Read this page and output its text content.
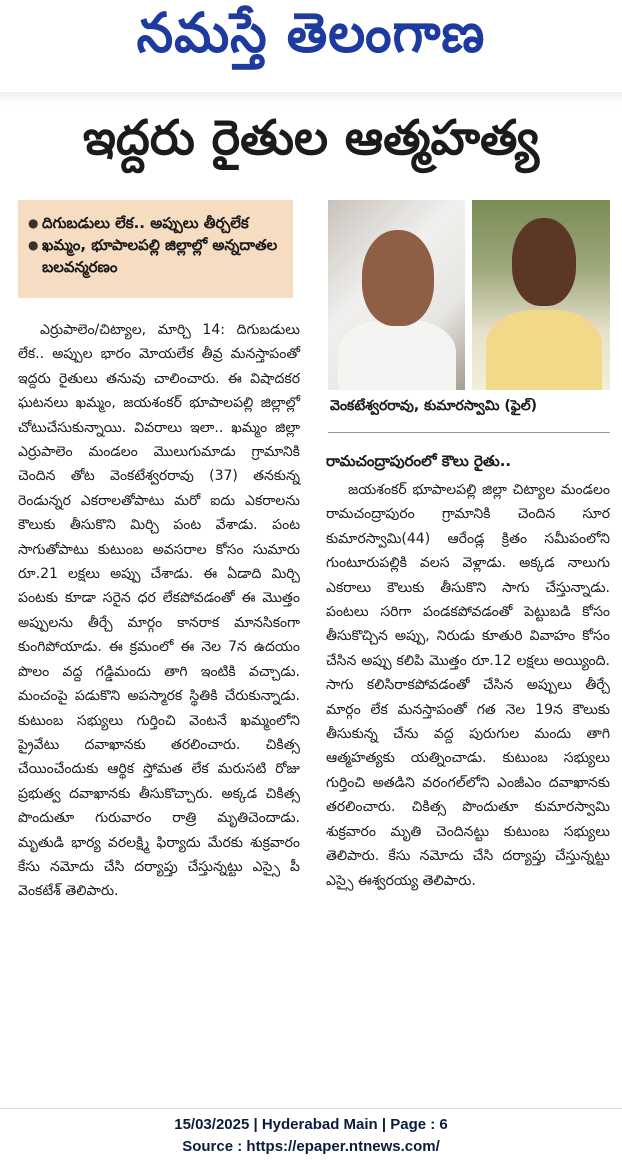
నమస్తే తెలంగాణ
ఇద్దరు రైతుల ఆత్మహత్య
● దిగుబడులు లేక.. అప్పులు తీర్చలేక
● ఖమ్మం, భూపాలపల్లి జిల్లాల్లో అన్నదాతల బలవన్మరణం
వెంకటేశ్వరరావు, కుమారస్వామి (ఫైల్)

ఎర్రుపాలెం/చిట్యాల, మార్చి 14: దిగుబడులు లేక.. అప్పుల భారం మోయలేక తీవ్ర మనస్తాపంతో ఇద్దరు రైతులు తనువు చాలించారు. ఈ విషాదకర ఘటనలు ఖమ్మం, జయశంకర్ భూపాలపల్లి జిల్లాల్లో చోటుచేసుకున్నాయి. వివరాలు ఇలా.. ఖమ్మం జిల్లా ఎర్రుపాలెం మండలం మొలుగుమాడు గ్రామానికి చెందిన తోట వెంకటేశ్వరరావు (37) తనకున్న రెండున్నర ఎకరాలతోపాటు మరో ఐదు ఎకరాలను కౌలుకు తీసుకొని మిర్చి పంట వేశాడు. పంట సాగుతోపాటు కుటుంబ అవసరాల కోసం సుమారు రూ.21 లక్షలు అప్పు చేశాడు. ఈ ఏడాది మిర్చి పంటకు కూడా సరైన ధర లేకపోవడంతో ఈ మొత్తం అప్పులను తీర్చే మార్గం కానరాక మానసికంగా కుంగిపోయాడు. ఈ క్రమంలో ఈ నెల 7న ఉదయం పొలం వద్ద గడ్డిమందు తాగి ఇంటికి వచ్చాడు. మంచంపై పడుకొని అపస్మారక స్థితికి చేరుకున్నాడు. కుటుంబ సభ్యులు గుర్తించి వెంటనే ఖమ్మంలోని ప్రైవేటు దవాఖానకు తరలించారు. చికిత్స చేయించేందుకు ఆర్థిక స్తోమత లేక మరుసటి రోజు ప్రభుత్వ దవాఖానకు తీసుకొచ్చారు. అక్కడ చికిత్స పొందుతూ గురువారం రాత్రి మృతిచెందాడు. మృతుడి భార్య వరలక్ష్మి ఫిర్యాదు మేరకు శుక్రవారం కేసు నమోదు చేసి దర్యాప్తు చేస్తున్నట్టు ఎస్సై పీ వెంకటేశ్ తెలిపారు.

రామచంద్రాపురంలో కౌలు రైతు..

జయశంకర్ భూపాలపల్లి జిల్లా చిట్యాల మండలం రామచంద్రాపురం గ్రామానికి చెందిన సూర కుమారస్వామి(44) ఆరేండ్ల క్రితం సమీపంలోని గుంటూరుపల్లికి వలస వెళ్లాడు. అక్కడ నాలుగు ఎకరాలు కౌలుకు తీసుకొని సాగు చేస్తున్నాడు. పంటలు సరిగా పండకపోవడంతో పెట్టుబడి కోసం తీసుకొచ్చిన అప్పు, నిరుడు కూతురి వివాహం కోసం చేసిన అప్పు కలిపి మొత్తం రూ.12 లక్షలు అయ్యింది. సాగు కలిసిరాకపోవడంతో చేసిన అప్పులు తీర్చే మార్గం లేక మనస్తాపంతో గత నెల 19న కౌలుకు తీసుకున్న చేను వద్ద పురుగుల మందు తాగి ఆత్మహత్యకు యత్నించాడు. కుటుంబ సభ్యులు గుర్తించి అతడిని వరంగల్‌లోని ఎంజీఎం దవాఖానకు తరలించారు. చికిత్స పొందుతూ కుమారస్వామి శుక్రవారం మృతి చెందినట్టు కుటుంబ సభ్యులు తెలిపారు. కేసు నమోదు చేసి దర్యాప్తు చేస్తున్నట్టు ఎస్సై ఈశ్వరయ్య తెలిపారు.

15/03/2025 | Hyderabad Main | Page : 6
Source : https://epaper.ntnews.com/
